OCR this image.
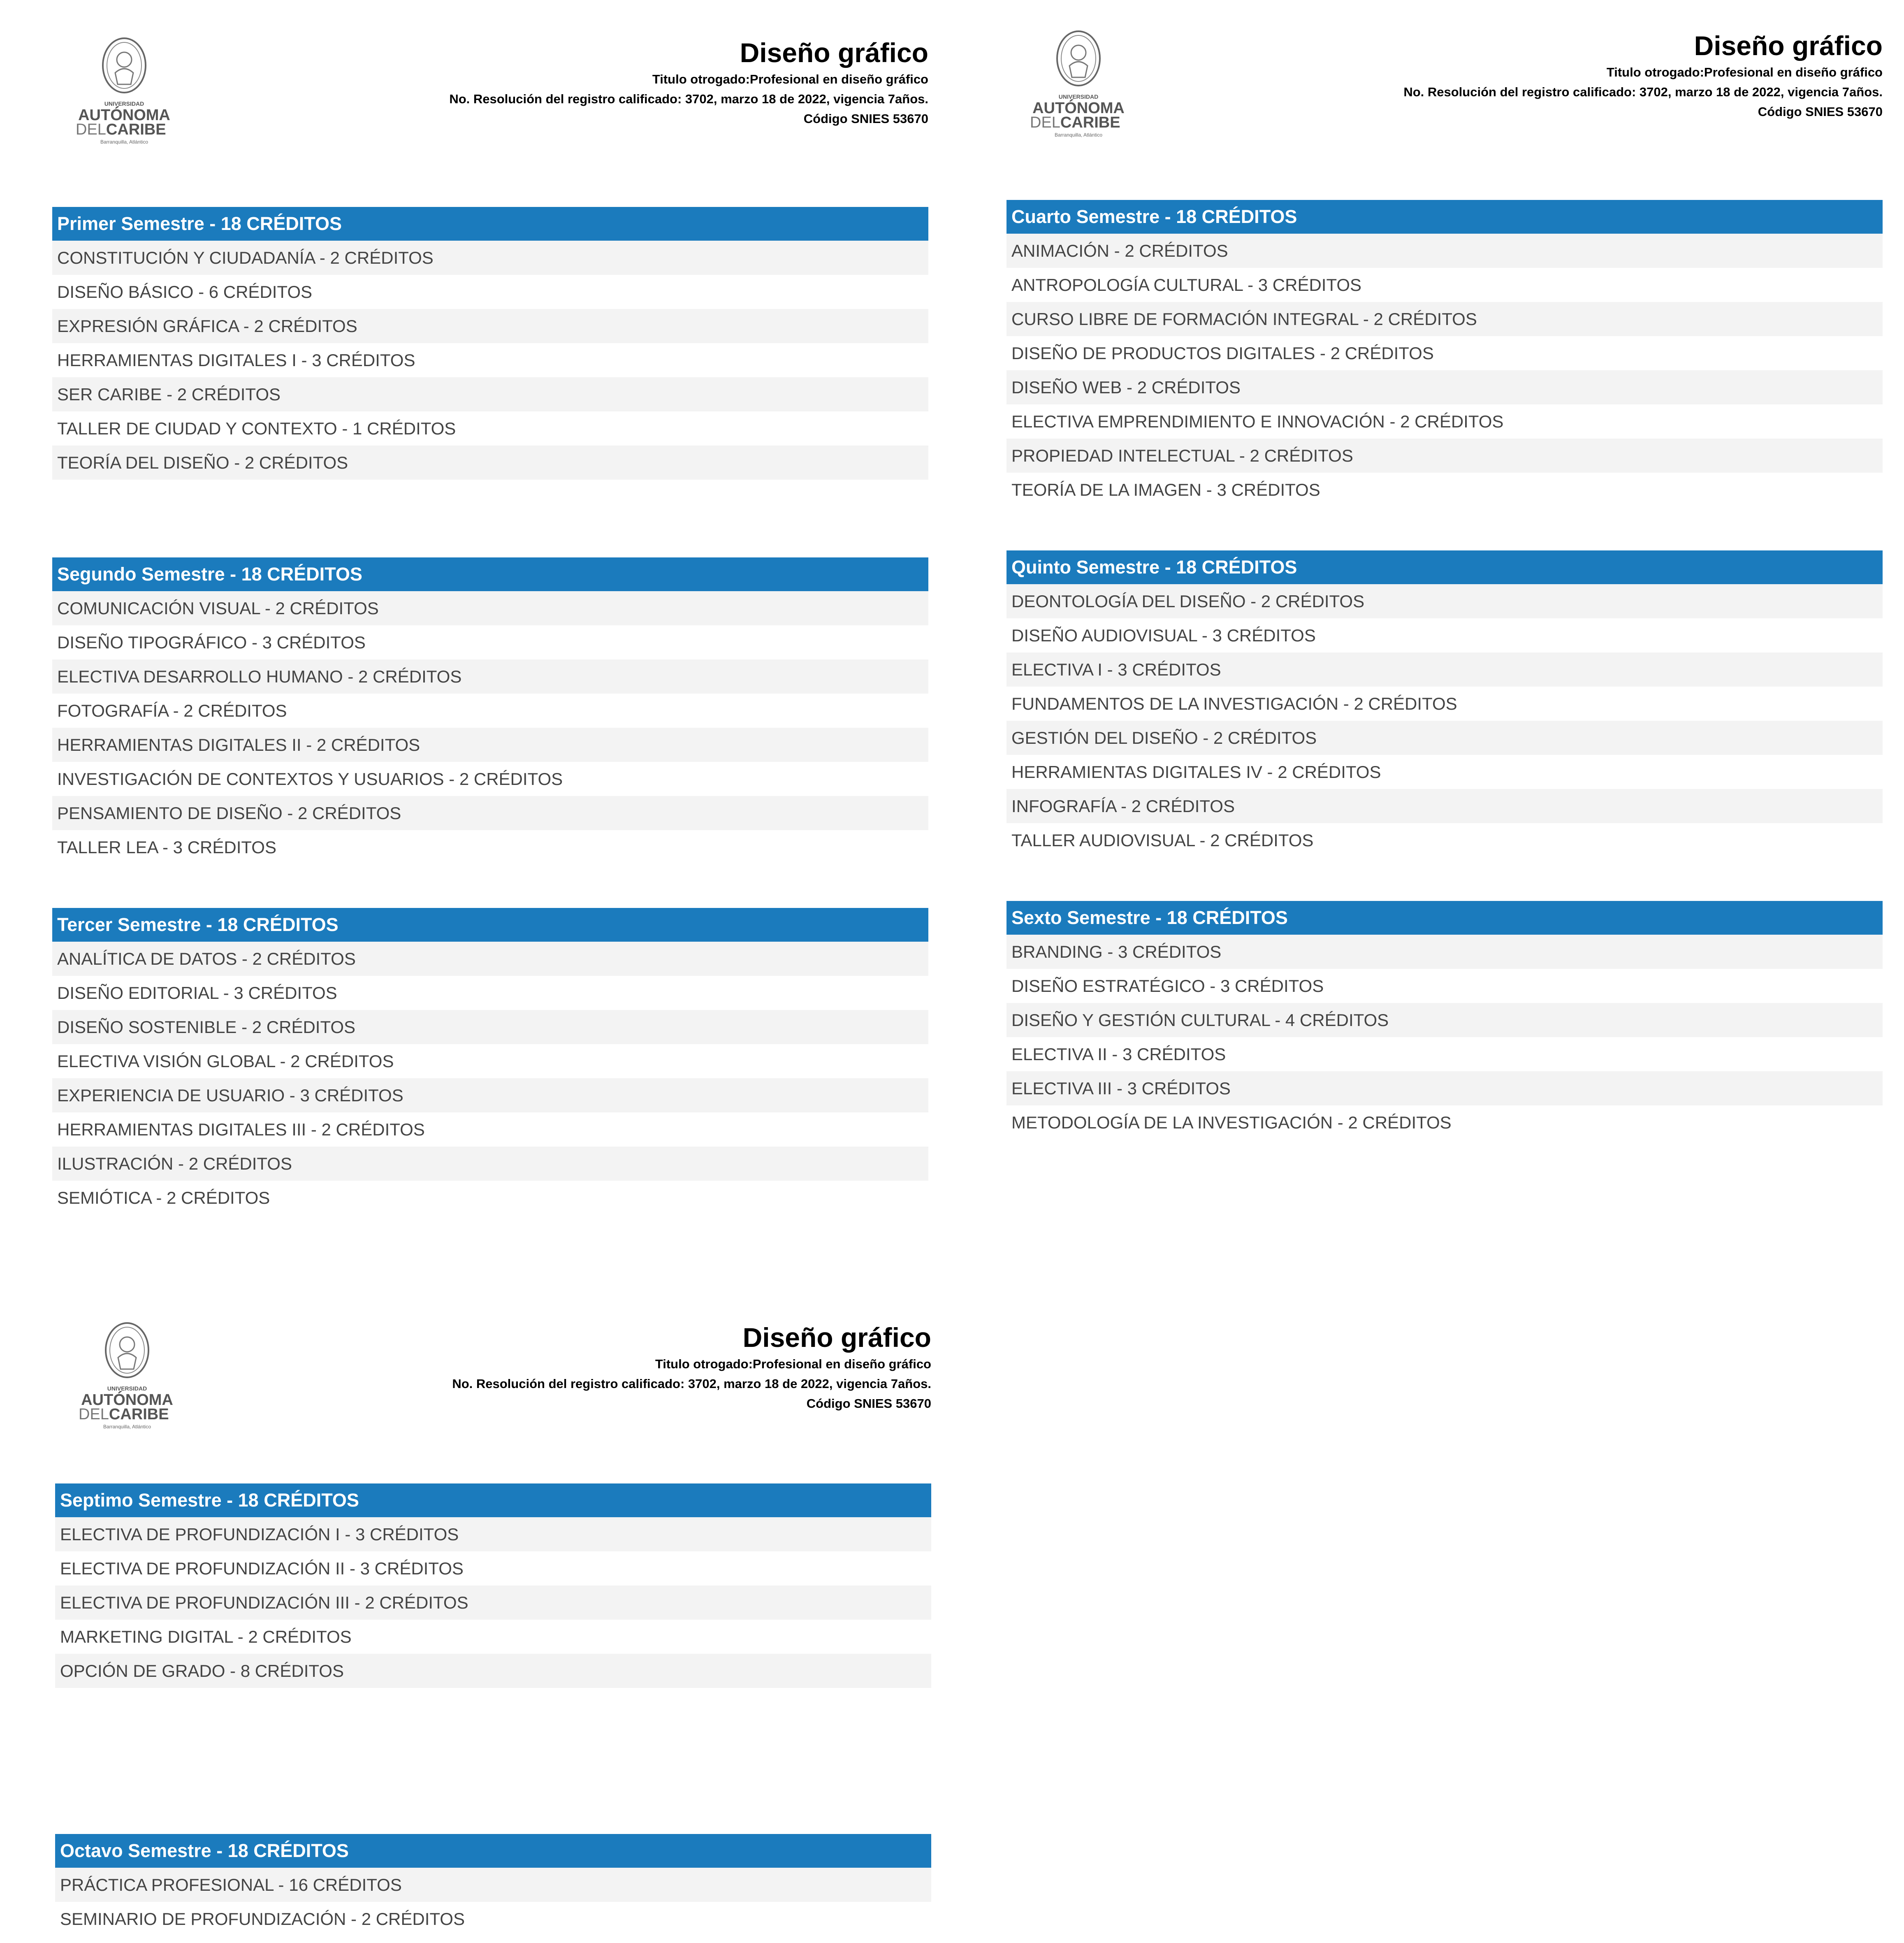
UNIVERSIDAD
AUTÓNOMA
DELCARIBE
Barranquilla, Atlántico
Diseño gráfico
Titulo otrogado:Profesional en diseño gráfico
No. Resolución del registro calificado: 3702, marzo 18 de 2022, vigencia 7años.
Código SNIES 53670
Primer Semestre - 18 CRÉDITOS
CONSTITUCIÓN Y CIUDADANÍA - 2 CRÉDITOS
DISEÑO BÁSICO - 6 CRÉDITOS
EXPRESIÓN GRÁFICA - 2 CRÉDITOS
HERRAMIENTAS DIGITALES I - 3 CRÉDITOS
SER CARIBE - 2 CRÉDITOS
TALLER DE CIUDAD Y CONTEXTO - 1 CRÉDITOS
TEORÍA DEL DISEÑO - 2 CRÉDITOS
Segundo Semestre - 18 CRÉDITOS
COMUNICACIÓN VISUAL - 2 CRÉDITOS
DISEÑO TIPOGRÁFICO - 3 CRÉDITOS
ELECTIVA DESARROLLO HUMANO - 2 CRÉDITOS
FOTOGRAFÍA - 2 CRÉDITOS
HERRAMIENTAS DIGITALES II - 2 CRÉDITOS
INVESTIGACIÓN DE CONTEXTOS Y USUARIOS - 2 CRÉDITOS
PENSAMIENTO DE DISEÑO - 2 CRÉDITOS
TALLER LEA - 3 CRÉDITOS
Tercer Semestre - 18 CRÉDITOS
ANALÍTICA DE DATOS - 2 CRÉDITOS
DISEÑO EDITORIAL - 3 CRÉDITOS
DISEÑO SOSTENIBLE - 2 CRÉDITOS
ELECTIVA VISIÓN GLOBAL - 2 CRÉDITOS
EXPERIENCIA DE USUARIO - 3 CRÉDITOS
HERRAMIENTAS DIGITALES III - 2 CRÉDITOS
ILUSTRACIÓN - 2 CRÉDITOS
SEMIÓTICA - 2 CRÉDITOS
UNIVERSIDAD
AUTÓNOMA
DELCARIBE
Barranquilla, Atlántico
Diseño gráfico
Titulo otrogado:Profesional en diseño gráfico
No. Resolución del registro calificado: 3702, marzo 18 de 2022, vigencia 7años.
Código SNIES 53670
Cuarto Semestre - 18 CRÉDITOS
ANIMACIÓN - 2 CRÉDITOS
ANTROPOLOGÍA CULTURAL - 3 CRÉDITOS
CURSO LIBRE DE FORMACIÓN INTEGRAL - 2 CRÉDITOS
DISEÑO DE PRODUCTOS DIGITALES - 2 CRÉDITOS
DISEÑO WEB - 2 CRÉDITOS
ELECTIVA EMPRENDIMIENTO E INNOVACIÓN - 2 CRÉDITOS
PROPIEDAD INTELECTUAL - 2 CRÉDITOS
TEORÍA DE LA IMAGEN - 3 CRÉDITOS
Quinto Semestre - 18 CRÉDITOS
DEONTOLOGÍA DEL DISEÑO - 2 CRÉDITOS
DISEÑO AUDIOVISUAL - 3 CRÉDITOS
ELECTIVA I - 3 CRÉDITOS
FUNDAMENTOS DE LA INVESTIGACIÓN - 2 CRÉDITOS
GESTIÓN DEL DISEÑO - 2 CRÉDITOS
HERRAMIENTAS DIGITALES IV - 2 CRÉDITOS
INFOGRAFÍA - 2 CRÉDITOS
TALLER AUDIOVISUAL - 2 CRÉDITOS
Sexto Semestre - 18 CRÉDITOS
BRANDING - 3 CRÉDITOS
DISEÑO ESTRATÉGICO - 3 CRÉDITOS
DISEÑO Y GESTIÓN CULTURAL - 4 CRÉDITOS
ELECTIVA II - 3 CRÉDITOS
ELECTIVA III - 3 CRÉDITOS
METODOLOGÍA DE LA INVESTIGACIÓN - 2 CRÉDITOS
UNIVERSIDAD
AUTÓNOMA
DELCARIBE
Barranquilla, Atlántico
Diseño gráfico
Titulo otrogado:Profesional en diseño gráfico
No. Resolución del registro calificado: 3702, marzo 18 de 2022, vigencia 7años.
Código SNIES 53670
Septimo Semestre - 18 CRÉDITOS
ELECTIVA DE PROFUNDIZACIÓN I - 3 CRÉDITOS
ELECTIVA DE PROFUNDIZACIÓN II - 3 CRÉDITOS
ELECTIVA DE PROFUNDIZACIÓN III - 2 CRÉDITOS
MARKETING DIGITAL - 2 CRÉDITOS
OPCIÓN DE GRADO - 8 CRÉDITOS
Octavo Semestre - 18 CRÉDITOS
PRÁCTICA PROFESIONAL - 16 CRÉDITOS
SEMINARIO DE PROFUNDIZACIÓN - 2 CRÉDITOS
